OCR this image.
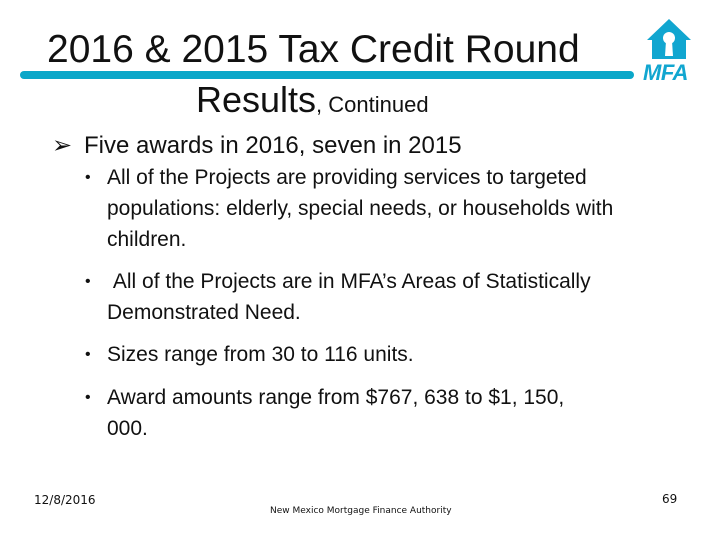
2016 & 2015 Tax Credit Round
Results, Continued
MFA
➢ Five awards in 2016, seven in 2015
• All of the Projects are providing services to targeted populations: elderly, special needs, or households with children.
• All of the Projects are in MFA’s Areas of Statistically Demonstrated Need.
• Sizes range from 30 to 116 units.
• Award amounts range from $767, 638 to $1, 150, 000.
12/8/2016
New Mexico Mortgage Finance Authority
69
